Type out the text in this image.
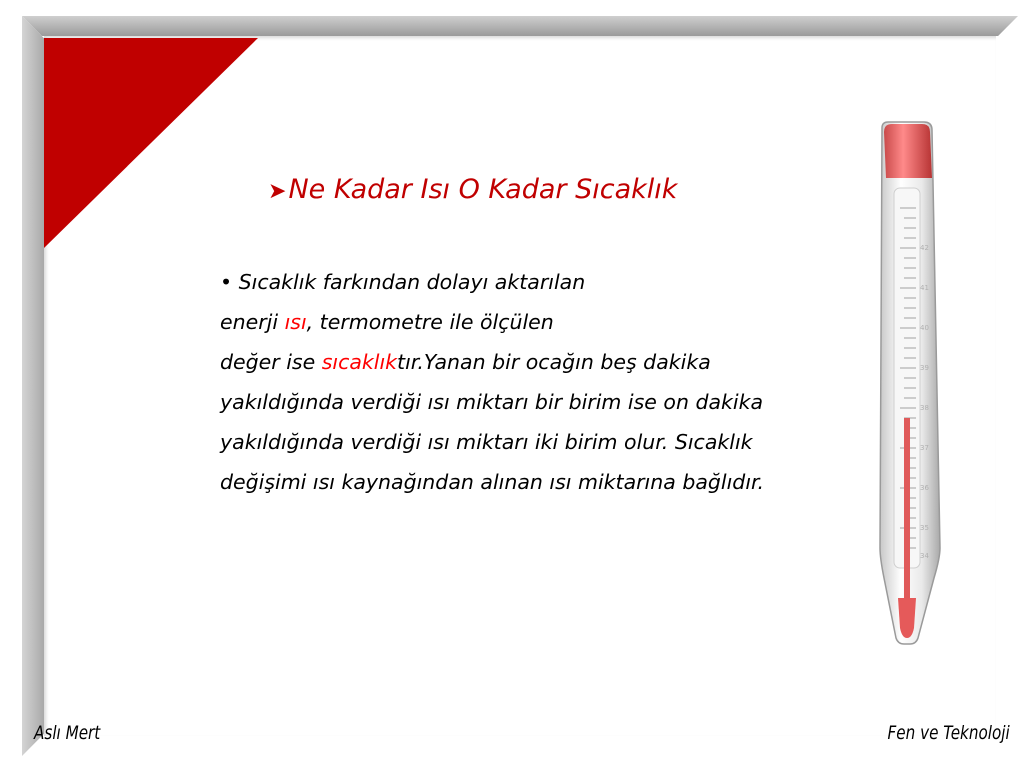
➤Ne Kadar Isı O Kadar Sıcaklık
• Sıcaklık farkından dolayı aktarılan
enerji ısı, termometre ile ölçülen
değer ise sıcaklıktır.Yanan bir ocağın beş dakika yakıldığında verdiği ısı miktarı bir birim ise on dakika yakıldığında verdiği ısı miktarı iki birim olur. Sıcaklık değişimi ısı kaynağından alınan ısı miktarına bağlıdır.
42
41
40
39
38
37
36
35
34
Aslı Mert	Fen ve Teknoloji
